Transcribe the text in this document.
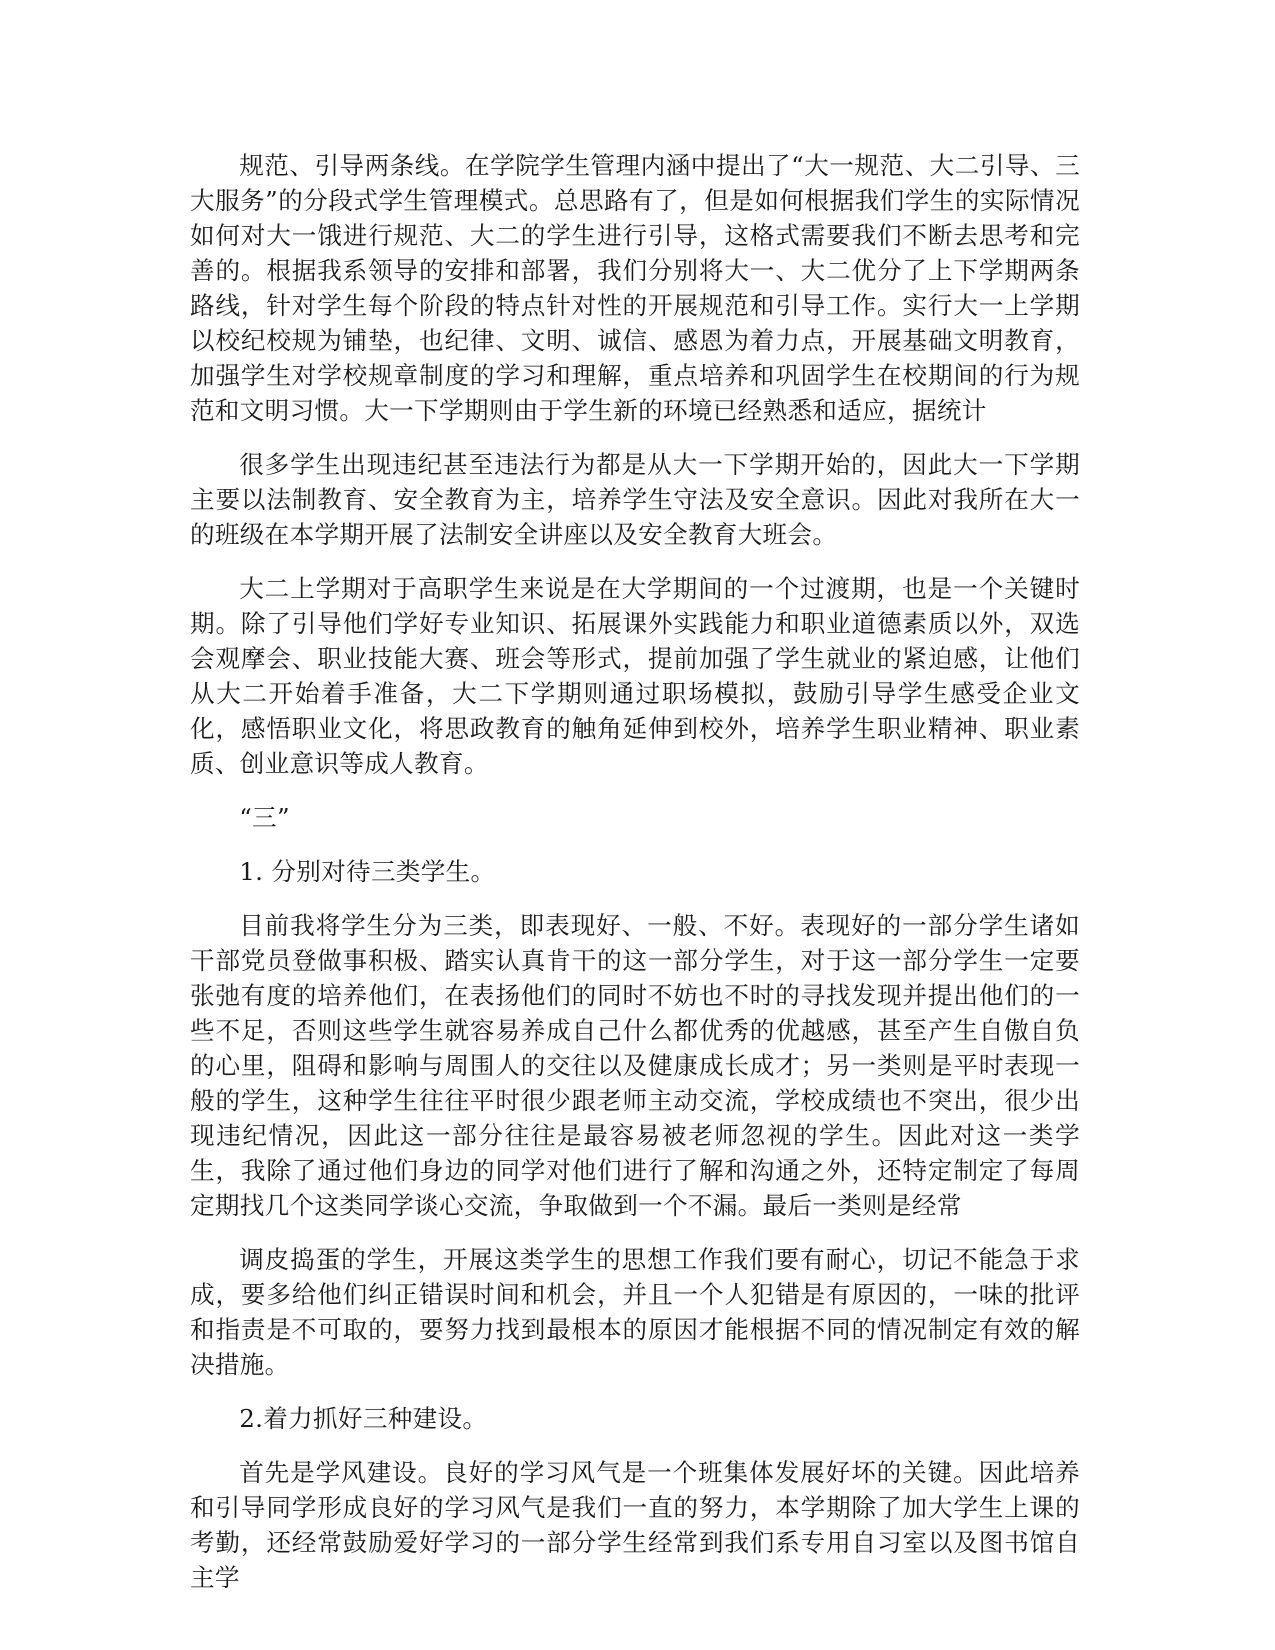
规范、引导两条线。在学院学生管理内涵中提出了“大一规范、大二引导、三大服务”的分段式学生管理模式。总思路有了，但是如何根据我们学生的实际情况如何对大一饿进行规范、大二的学生进行引导，这格式需要我们不断去思考和完善的。根据我系领导的安排和部署，我们分别将大一、大二优分了上下学期两条路线，针对学生每个阶段的特点针对性的开展规范和引导工作。实行大一上学期以校纪校规为铺垫，也纪律、文明、诚信、感恩为着力点，开展基础文明教育，加强学生对学校规章制度的学习和理解，重点培养和巩固学生在校期间的行为规范和文明习惯。大一下学期则由于学生新的环境已经熟悉和适应，据统计

很多学生出现违纪甚至违法行为都是从大一下学期开始的，因此大一下学期主要以法制教育、安全教育为主，培养学生守法及安全意识。因此对我所在大一的班级在本学期开展了法制安全讲座以及安全教育大班会。

大二上学期对于高职学生来说是在大学期间的一个过渡期，也是一个关键时期。除了引导他们学好专业知识、拓展课外实践能力和职业道德素质以外，双选会观摩会、职业技能大赛、班会等形式，提前加强了学生就业的紧迫感，让他们从大二开始着手准备，大二下学期则通过职场模拟，鼓励引导学生感受企业文化，感悟职业文化，将思政教育的触角延伸到校外，培养学生职业精神、职业素质、创业意识等成人教育。

“三”

1. 分别对待三类学生。

目前我将学生分为三类，即表现好、一般、不好。表现好的一部分学生诸如干部党员登做事积极、踏实认真肯干的这一部分学生，对于这一部分学生一定要张弛有度的培养他们，在表扬他们的同时不妨也不时的寻找发现并提出他们的一些不足，否则这些学生就容易养成自己什么都优秀的优越感，甚至产生自傲自负的心里，阻碍和影响与周围人的交往以及健康成长成才；另一类则是平时表现一般的学生，这种学生往往平时很少跟老师主动交流，学校成绩也不突出，很少出现违纪情况，因此这一部分往往是最容易被老师忽视的学生。因此对这一类学生，我除了通过他们身边的同学对他们进行了解和沟通之外，还特定制定了每周定期找几个这类同学谈心交流，争取做到一个不漏。最后一类则是经常

调皮捣蛋的学生，开展这类学生的思想工作我们要有耐心，切记不能急于求成，要多给他们纠正错误时间和机会，并且一个人犯错是有原因的，一味的批评和指责是不可取的，要努力找到最根本的原因才能根据不同的情况制定有效的解决措施。

2.着力抓好三种建设。

首先是学风建设。良好的学习风气是一个班集体发展好坏的关键。因此培养和引导同学形成良好的学习风气是我们一直的努力，本学期除了加大学生上课的考勤，还经常鼓励爱好学习的一部分学生经常到我们系专用自习室以及图书馆自主学
